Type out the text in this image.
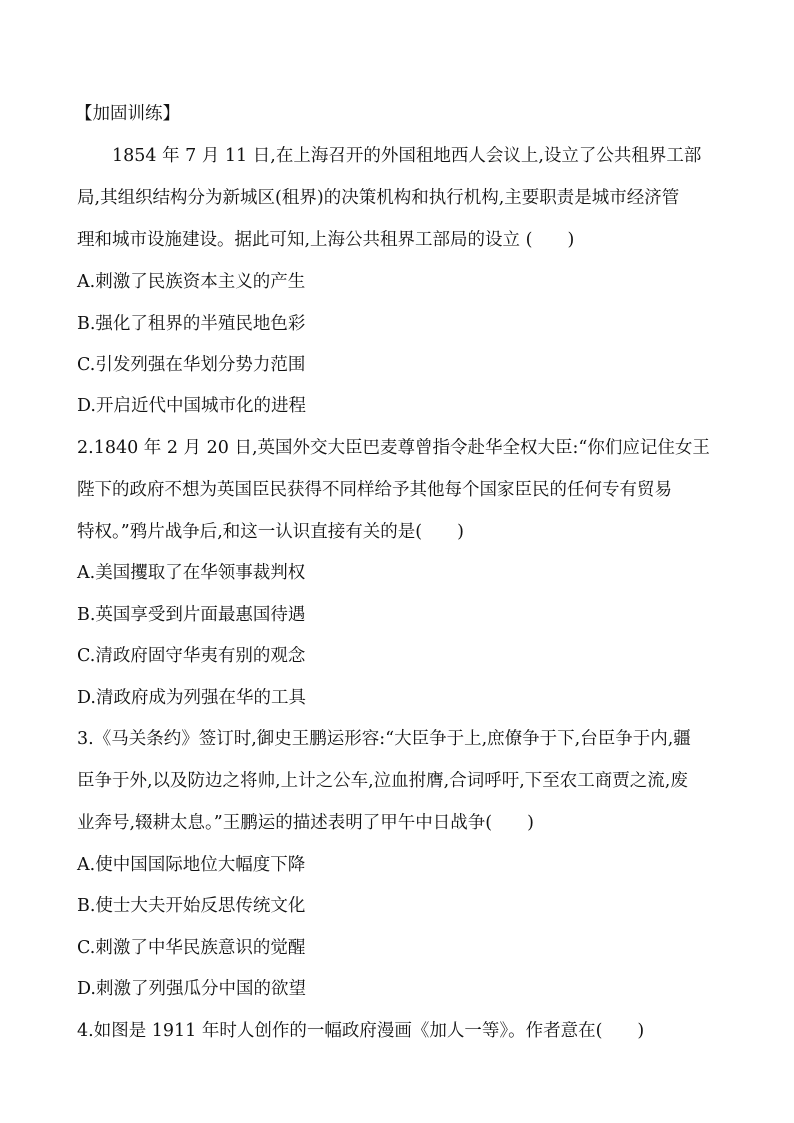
【加固训练】
1854 年 7 月 11 日,在上海召开的外国租地西人会议上,设立了公共租界工部
局,其组织结构分为新城区(租界)的决策机构和执行机构,主要职责是城市经济管
理和城市设施建设。据此可知,上海公共租界工部局的设立 (　　)
A.刺激了民族资本主义的产生
B.强化了租界的半殖民地色彩
C.引发列强在华划分势力范围
D.开启近代中国城市化的进程
2.1840 年 2 月 20 日,英国外交大臣巴麦尊曾指令赴华全权大臣:“你们应记住女王
陛下的政府不想为英国臣民获得不同样给予其他每个国家臣民的任何专有贸易
特权。”鸦片战争后,和这一认识直接有关的是(　　)
A.美国攫取了在华领事裁判权
B.英国享受到片面最惠国待遇
C.清政府固守华夷有别的观念
D.清政府成为列强在华的工具
3.《马关条约》签订时,御史王鹏运形容:“大臣争于上,庶僚争于下,台臣争于内,疆
臣争于外,以及防边之将帅,上计之公车,泣血拊膺,合词呼吁,下至农工商贾之流,废
业奔号,辍耕太息。”王鹏运的描述表明了甲午中日战争(　　)
A.使中国国际地位大幅度下降
B.使士大夫开始反思传统文化
C.刺激了中华民族意识的觉醒
D.刺激了列强瓜分中国的欲望
4.如图是 1911 年时人创作的一幅政府漫画《加人一等》。作者意在(　　)
